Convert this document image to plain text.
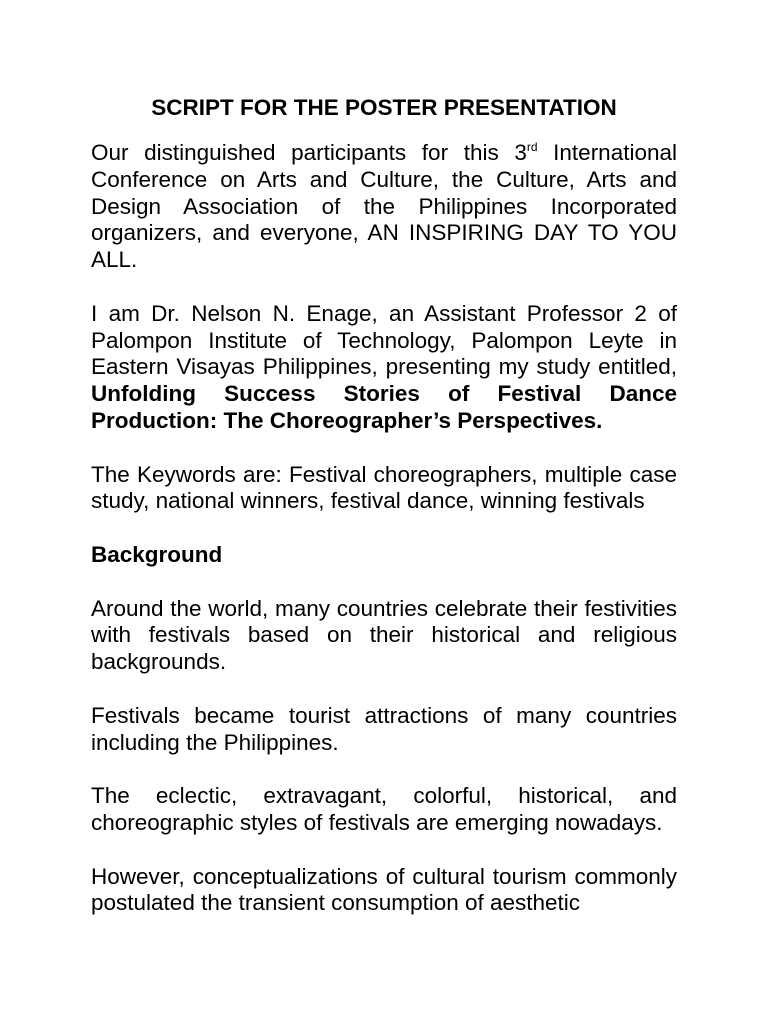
SCRIPT FOR THE POSTER PRESENTATION

Our distinguished participants for this 3rd International Conference on Arts and Culture, the Culture, Arts and Design Association of the Philippines Incorporated organizers, and everyone, AN INSPIRING DAY TO YOU ALL.

I am Dr. Nelson N. Enage, an Assistant Professor 2 of Palompon Institute of Technology, Palompon Leyte in Eastern Visayas Philippines, presenting my study entitled, Unfolding Success Stories of Festival Dance Production: The Choreographer’s Perspectives.

The Keywords are: Festival choreographers, multiple case study, national winners, festival dance, winning festivals

Background

Around the world, many countries celebrate their festivities with festivals based on their historical and religious backgrounds.

Festivals became tourist attractions of many countries including the Philippines.

The eclectic, extravagant, colorful, historical, and choreographic styles of festivals are emerging nowadays.

However, conceptualizations of cultural tourism commonly postulated the transient consumption of aesthetic
